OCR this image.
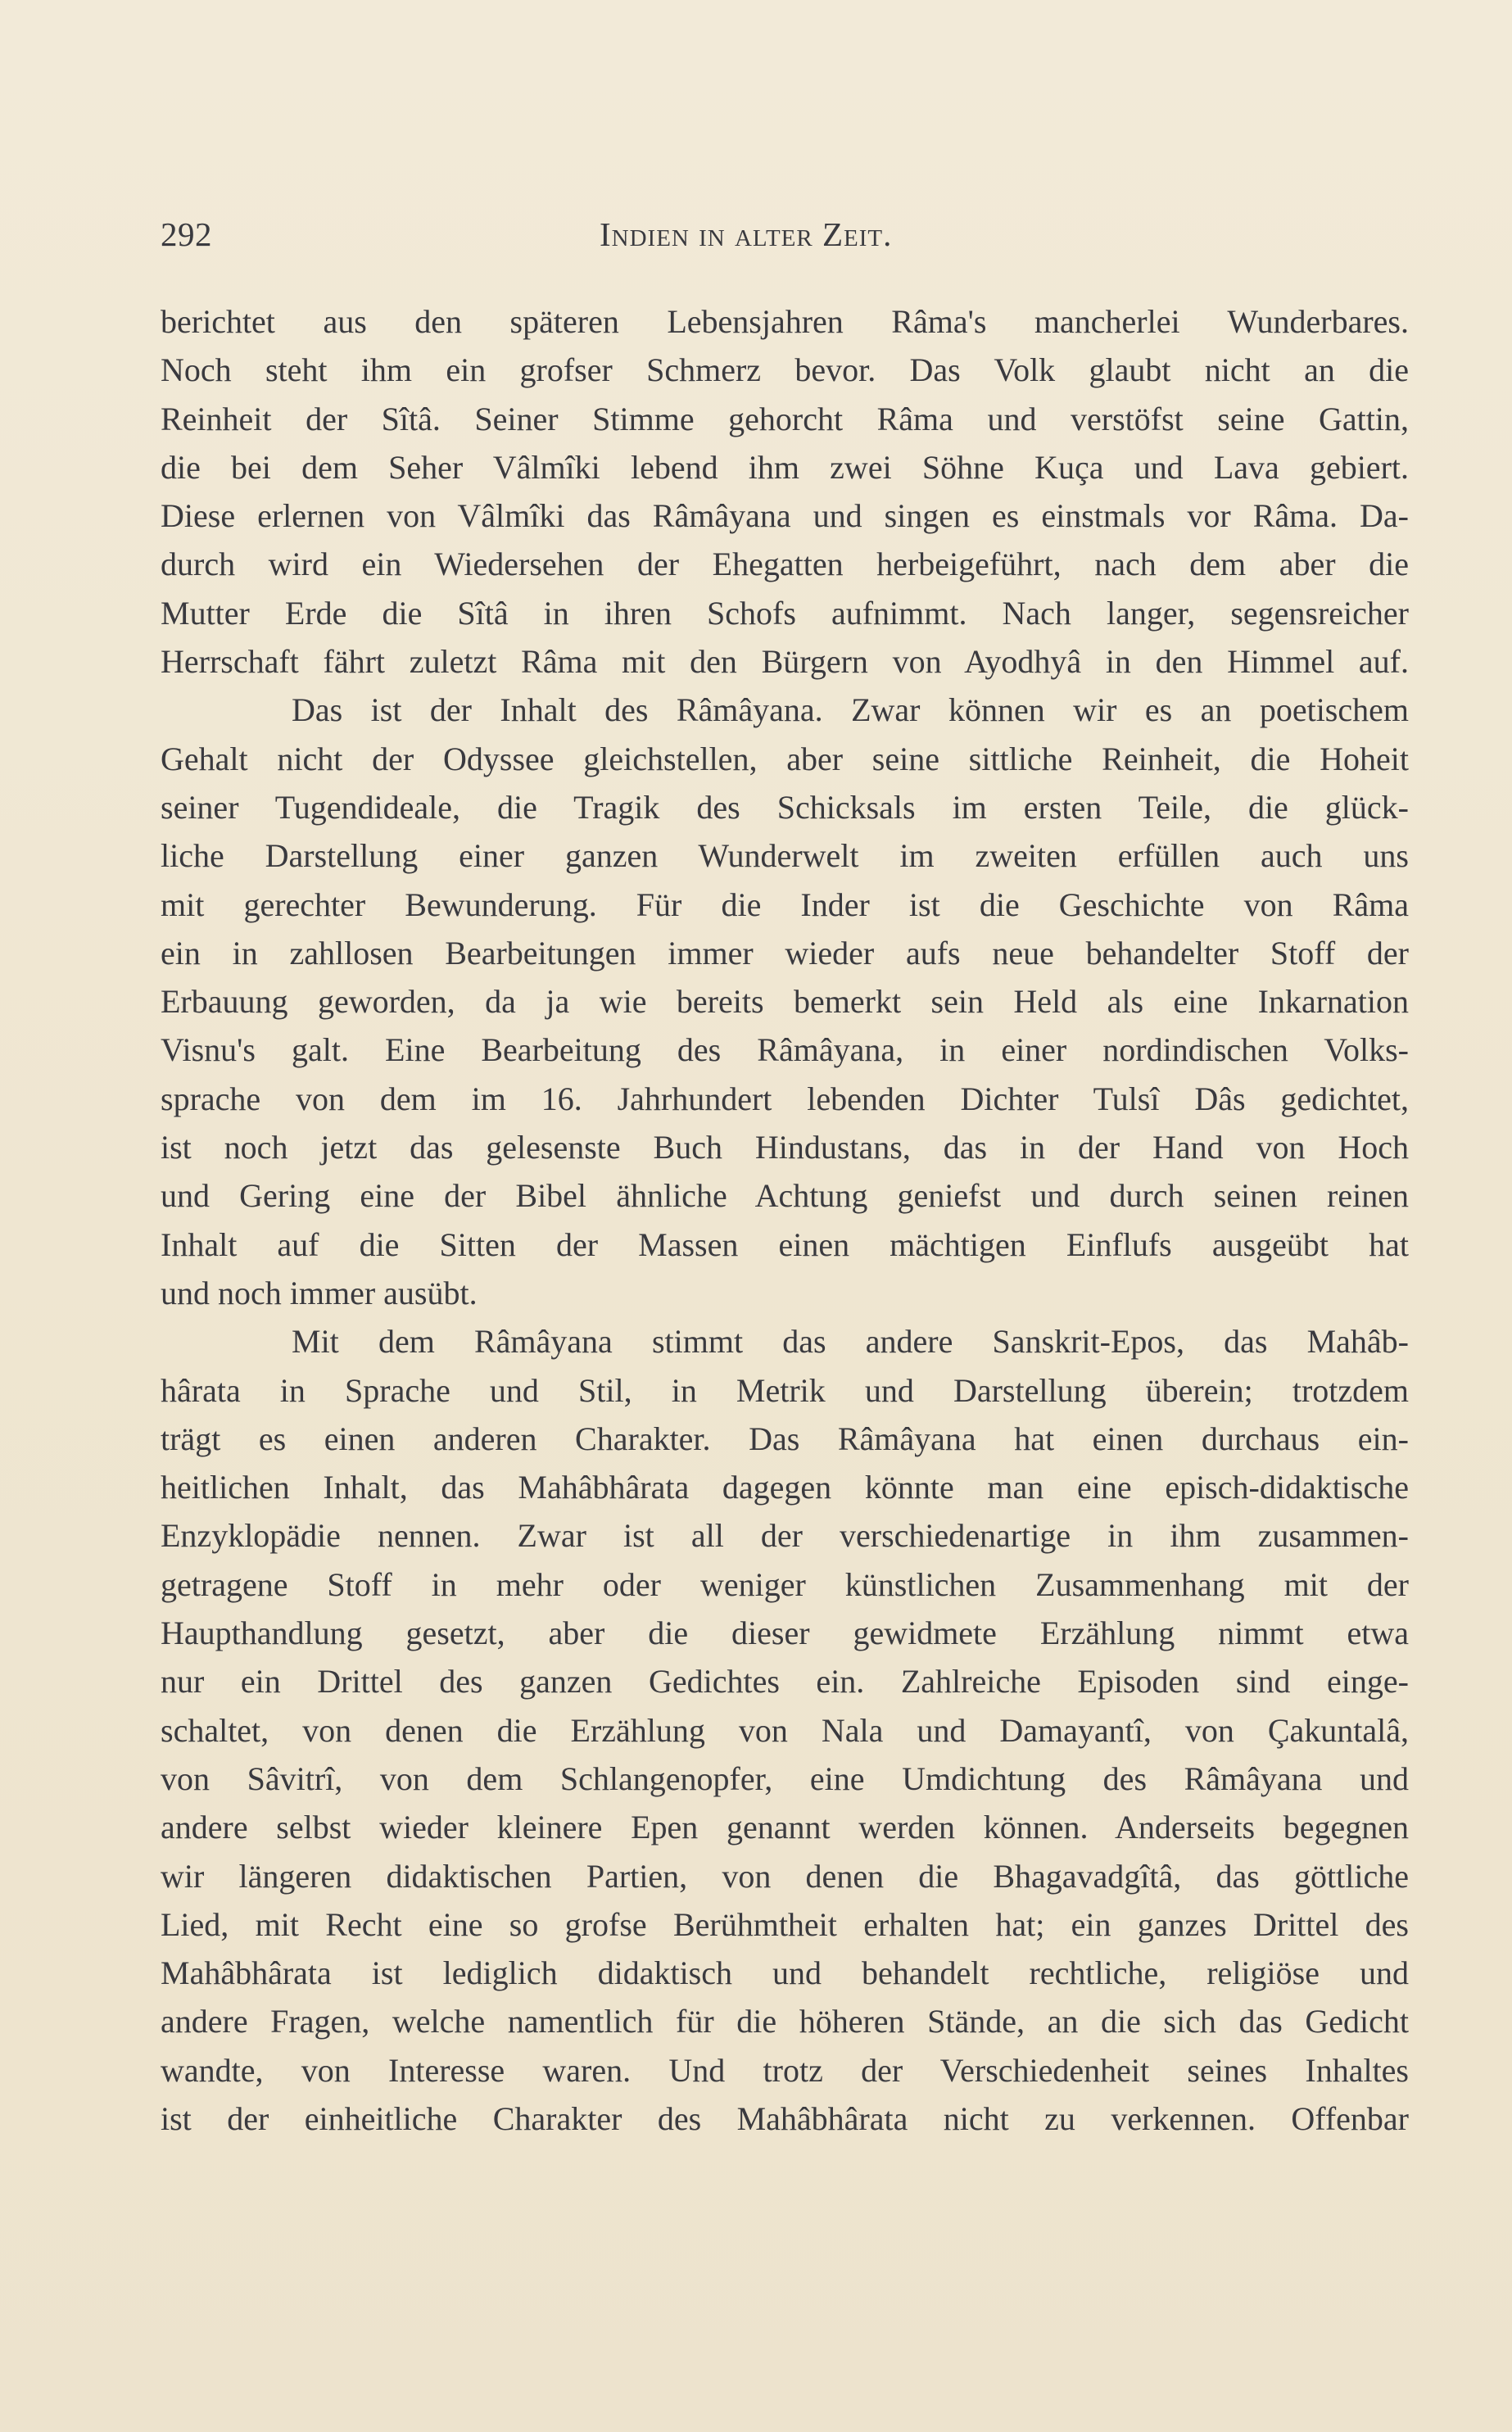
292	Indien in alter Zeit.
berichtet aus den späteren Lebensjahren Râma's mancherlei Wunderbares.
Noch steht ihm ein grofser Schmerz bevor. Das Volk glaubt nicht an die
Reinheit der Sîtâ. Seiner Stimme gehorcht Râma und verstöfst seine Gattin,
die bei dem Seher Vâlmîki lebend ihm zwei Söhne Kuça und Lava gebiert.
Diese erlernen von Vâlmîki das Râmâyana und singen es einstmals vor Râma. Da-
durch wird ein Wiedersehen der Ehegatten herbeigeführt, nach dem aber die
Mutter Erde die Sîtâ in ihren Schofs aufnimmt. Nach langer, segensreicher
Herrschaft fährt zuletzt Râma mit den Bürgern von Ayodhyâ in den Himmel auf.
Das ist der Inhalt des Râmâyana. Zwar können wir es an poetischem
Gehalt nicht der Odyssee gleichstellen, aber seine sittliche Reinheit, die Hoheit
seiner Tugendideale, die Tragik des Schicksals im ersten Teile, die glück-
liche Darstellung einer ganzen Wunderwelt im zweiten erfüllen auch uns
mit gerechter Bewunderung. Für die Inder ist die Geschichte von Râma
ein in zahllosen Bearbeitungen immer wieder aufs neue behandelter Stoff der
Erbauung geworden, da ja wie bereits bemerkt sein Held als eine Inkarnation
Visnu's galt. Eine Bearbeitung des Râmâyana, in einer nordindischen Volks-
sprache von dem im 16. Jahrhundert lebenden Dichter Tulsî Dâs gedichtet,
ist noch jetzt das gelesenste Buch Hindustans, das in der Hand von Hoch
und Gering eine der Bibel ähnliche Achtung geniefst und durch seinen reinen
Inhalt auf die Sitten der Massen einen mächtigen Einflufs ausgeübt hat
und noch immer ausübt.
Mit dem Râmâyana stimmt das andere Sanskrit-Epos, das Mahâb-
hârata in Sprache und Stil, in Metrik und Darstellung überein; trotzdem
trägt es einen anderen Charakter. Das Râmâyana hat einen durchaus ein-
heitlichen Inhalt, das Mahâbhârata dagegen könnte man eine episch-didaktische
Enzyklopädie nennen. Zwar ist all der verschiedenartige in ihm zusammen-
getragene Stoff in mehr oder weniger künstlichen Zusammenhang mit der
Haupthandlung gesetzt, aber die dieser gewidmete Erzählung nimmt etwa
nur ein Drittel des ganzen Gedichtes ein. Zahlreiche Episoden sind einge-
schaltet, von denen die Erzählung von Nala und Damayantî, von Çakuntalâ,
von Sâvitrî, von dem Schlangenopfer, eine Umdichtung des Râmâyana und
andere selbst wieder kleinere Epen genannt werden können. Anderseits begegnen
wir längeren didaktischen Partien, von denen die Bhagavadgîtâ, das göttliche
Lied, mit Recht eine so grofse Berühmtheit erhalten hat; ein ganzes Drittel des
Mahâbhârata ist lediglich didaktisch und behandelt rechtliche, religiöse und
andere Fragen, welche namentlich für die höheren Stände, an die sich das Gedicht
wandte, von Interesse waren. Und trotz der Verschiedenheit seines Inhaltes
ist der einheitliche Charakter des Mahâbhârata nicht zu verkennen. Offenbar
